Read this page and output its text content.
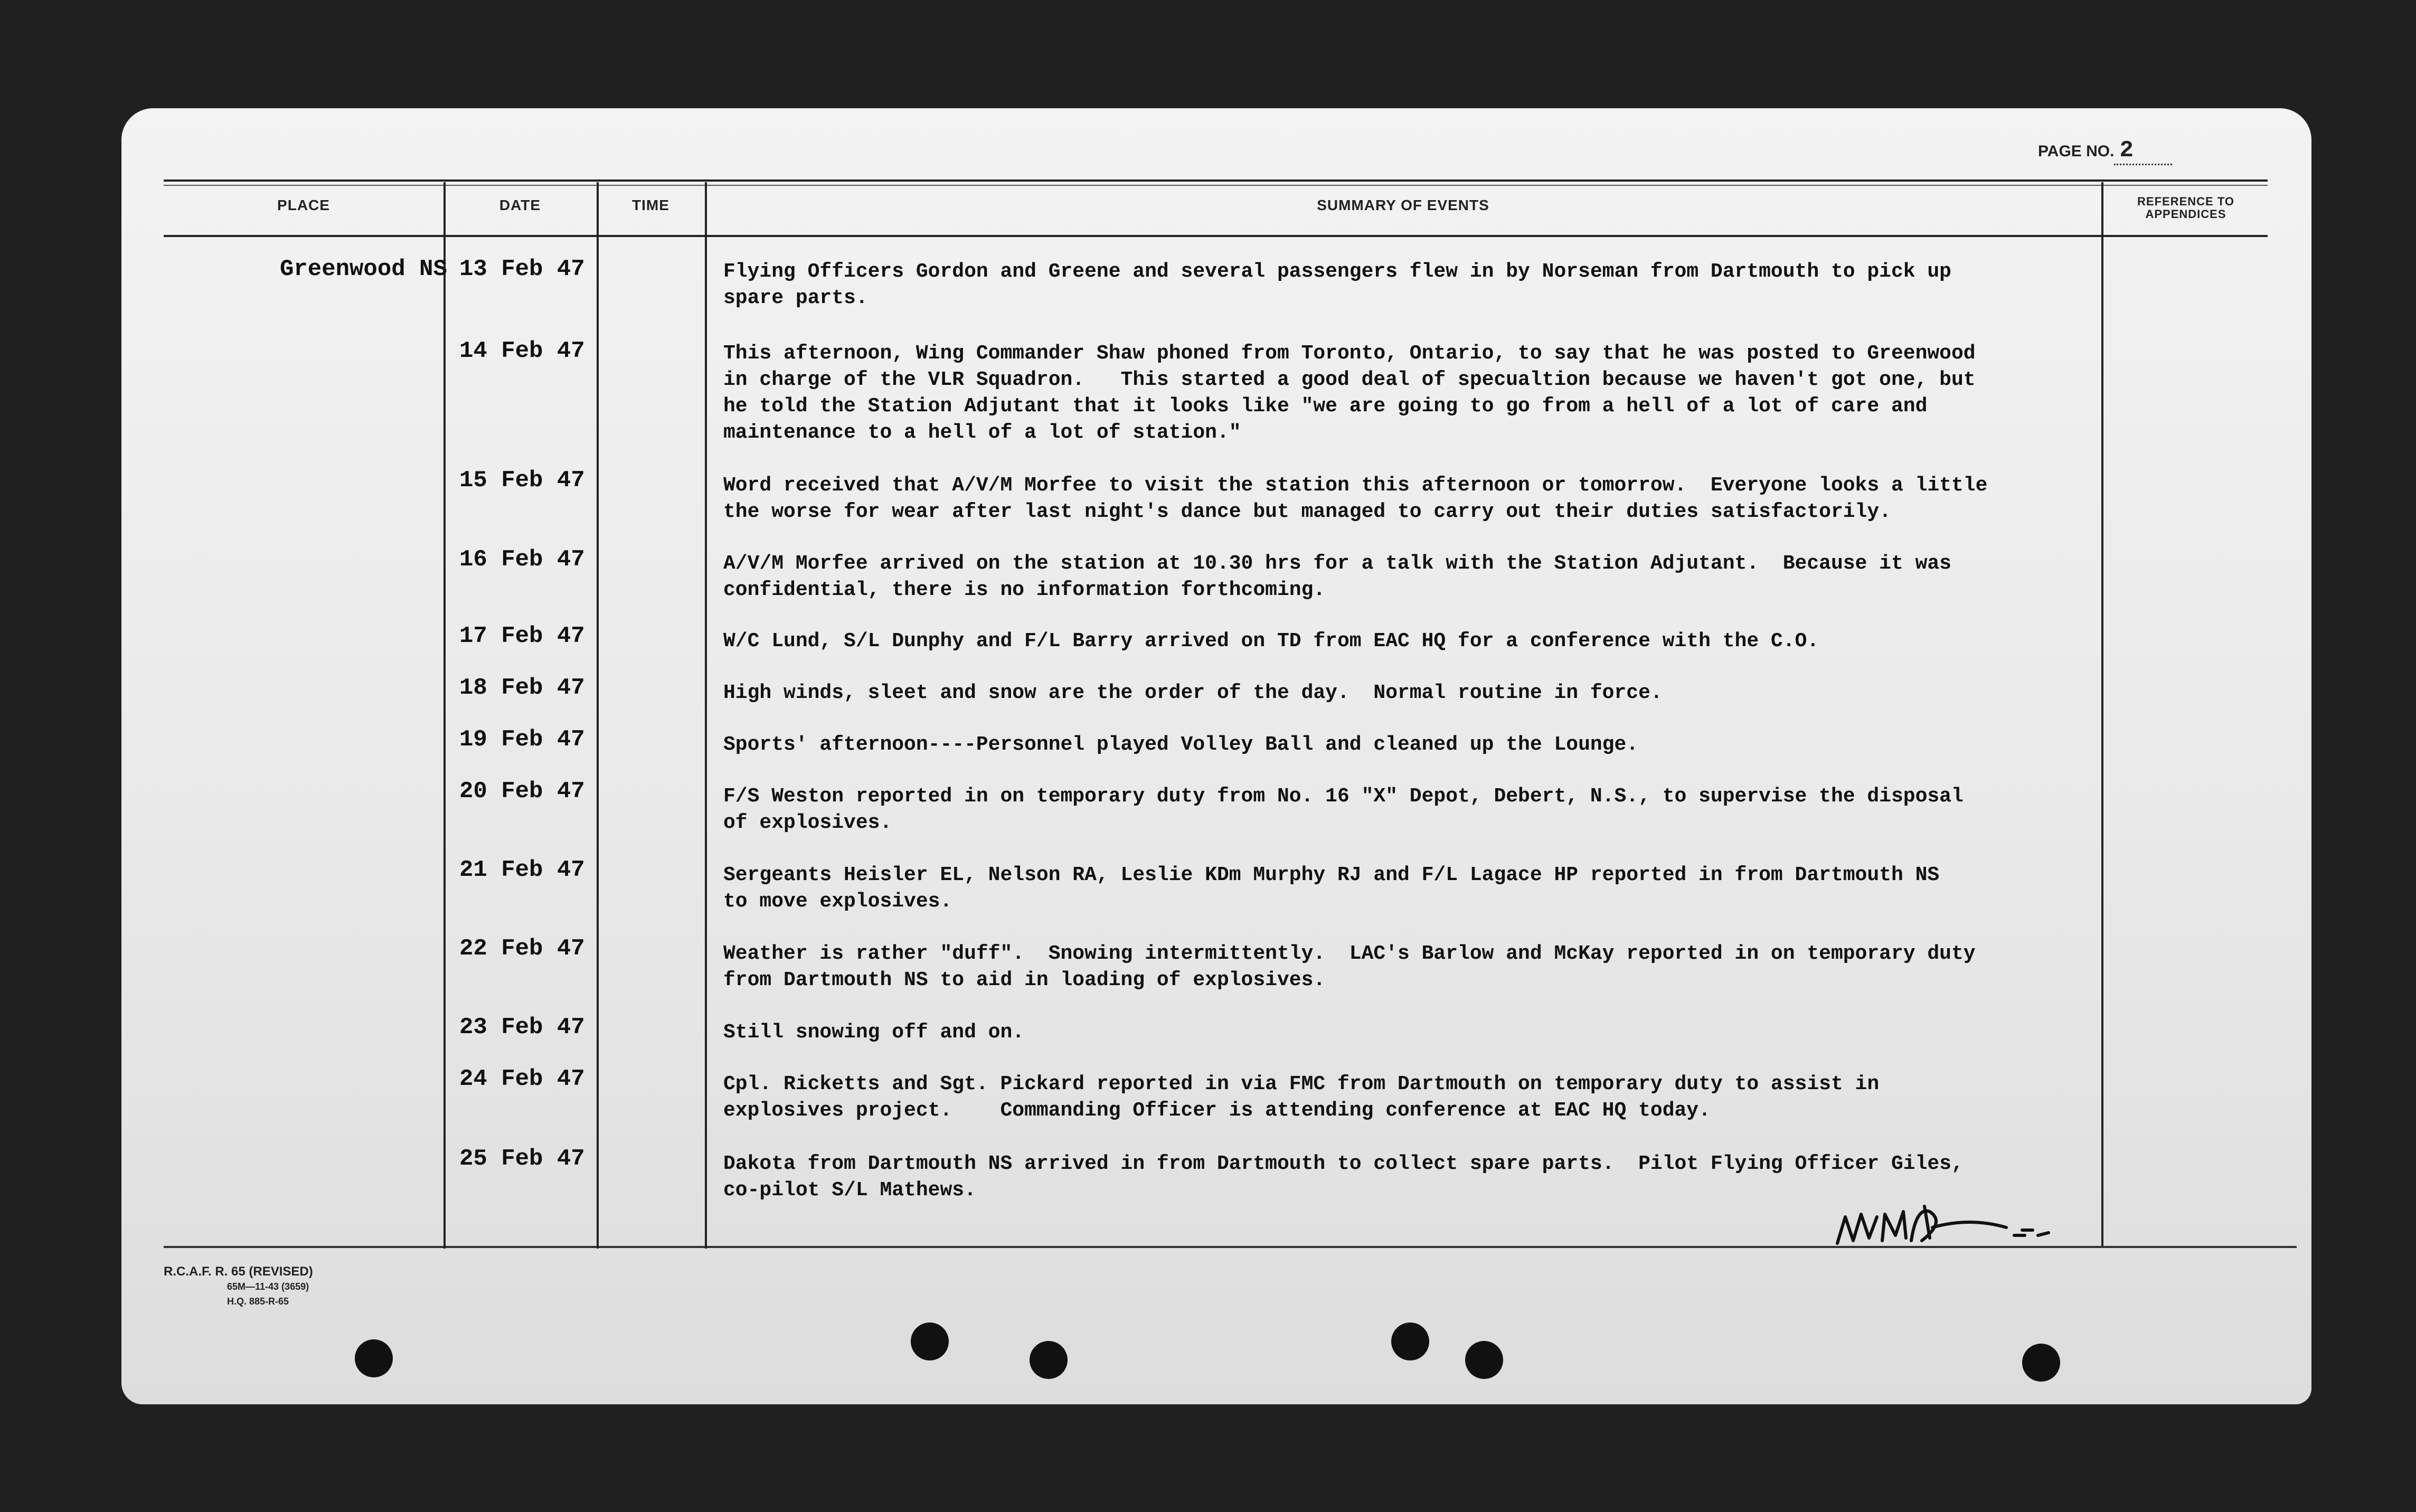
PAGE NO. 2
PLACE	DATE	TIME	SUMMARY OF EVENTS	REFERENCE TO APPENDICES
Greenwood NS 13 Feb 47	Flying Officers Gordon and Greene and several passengers flew in by Norseman from Dartmouth to pick up
spare parts.
14 Feb 47	This afternoon, Wing Commander Shaw phoned from Toronto, Ontario, to say that he was posted to Greenwood
in charge of the VLR Squadron.   This started a good deal of specualtion because we haven't got one, but
he told the Station Adjutant that it looks like "we are going to go from a hell of a lot of care and
maintenance to a hell of a lot of station."
15 Feb 47	Word received that A/V/M Morfee to visit the station this afternoon or tomorrow.  Everyone looks a little
the worse for wear after last night's dance but managed to carry out their duties satisfactorily.
16 Feb 47	A/V/M Morfee arrived on the station at 10.30 hrs for a talk with the Station Adjutant.  Because it was
confidential, there is no information forthcoming.
17 Feb 47	W/C Lund, S/L Dunphy and F/L Barry arrived on TD from EAC HQ for a conference with the C.O.
18 Feb 47	High winds, sleet and snow are the order of the day.  Normal routine in force.
19 Feb 47	Sports' afternoon----Personnel played Volley Ball and cleaned up the Lounge.
20 Feb 47	F/S Weston reported in on temporary duty from No. 16 "X" Depot, Debert, N.S., to supervise the disposal
of explosives.
21 Feb 47	Sergeants Heisler EL, Nelson RA, Leslie KDm Murphy RJ and F/L Lagace HP reported in from Dartmouth NS
to move explosives.
22 Feb 47	Weather is rather "duff".  Snowing intermittently.  LAC's Barlow and McKay reported in on temporary duty
from Dartmouth NS to aid in loading of explosives.
23 Feb 47	Still snowing off and on.
24 Feb 47	Cpl. Ricketts and Sgt. Pickard reported in via FMC from Dartmouth on temporary duty to assist in
explosives project.    Commanding Officer is attending conference at EAC HQ today.
25 Feb 47	Dakota from Dartmouth NS arrived in from Dartmouth to collect spare parts.  Pilot Flying Officer Giles,
co-pilot S/L Mathews.
R.C.A.F. R. 65 (REVISED)
65M—11-43 (3659)
H.Q. 885-R-65
